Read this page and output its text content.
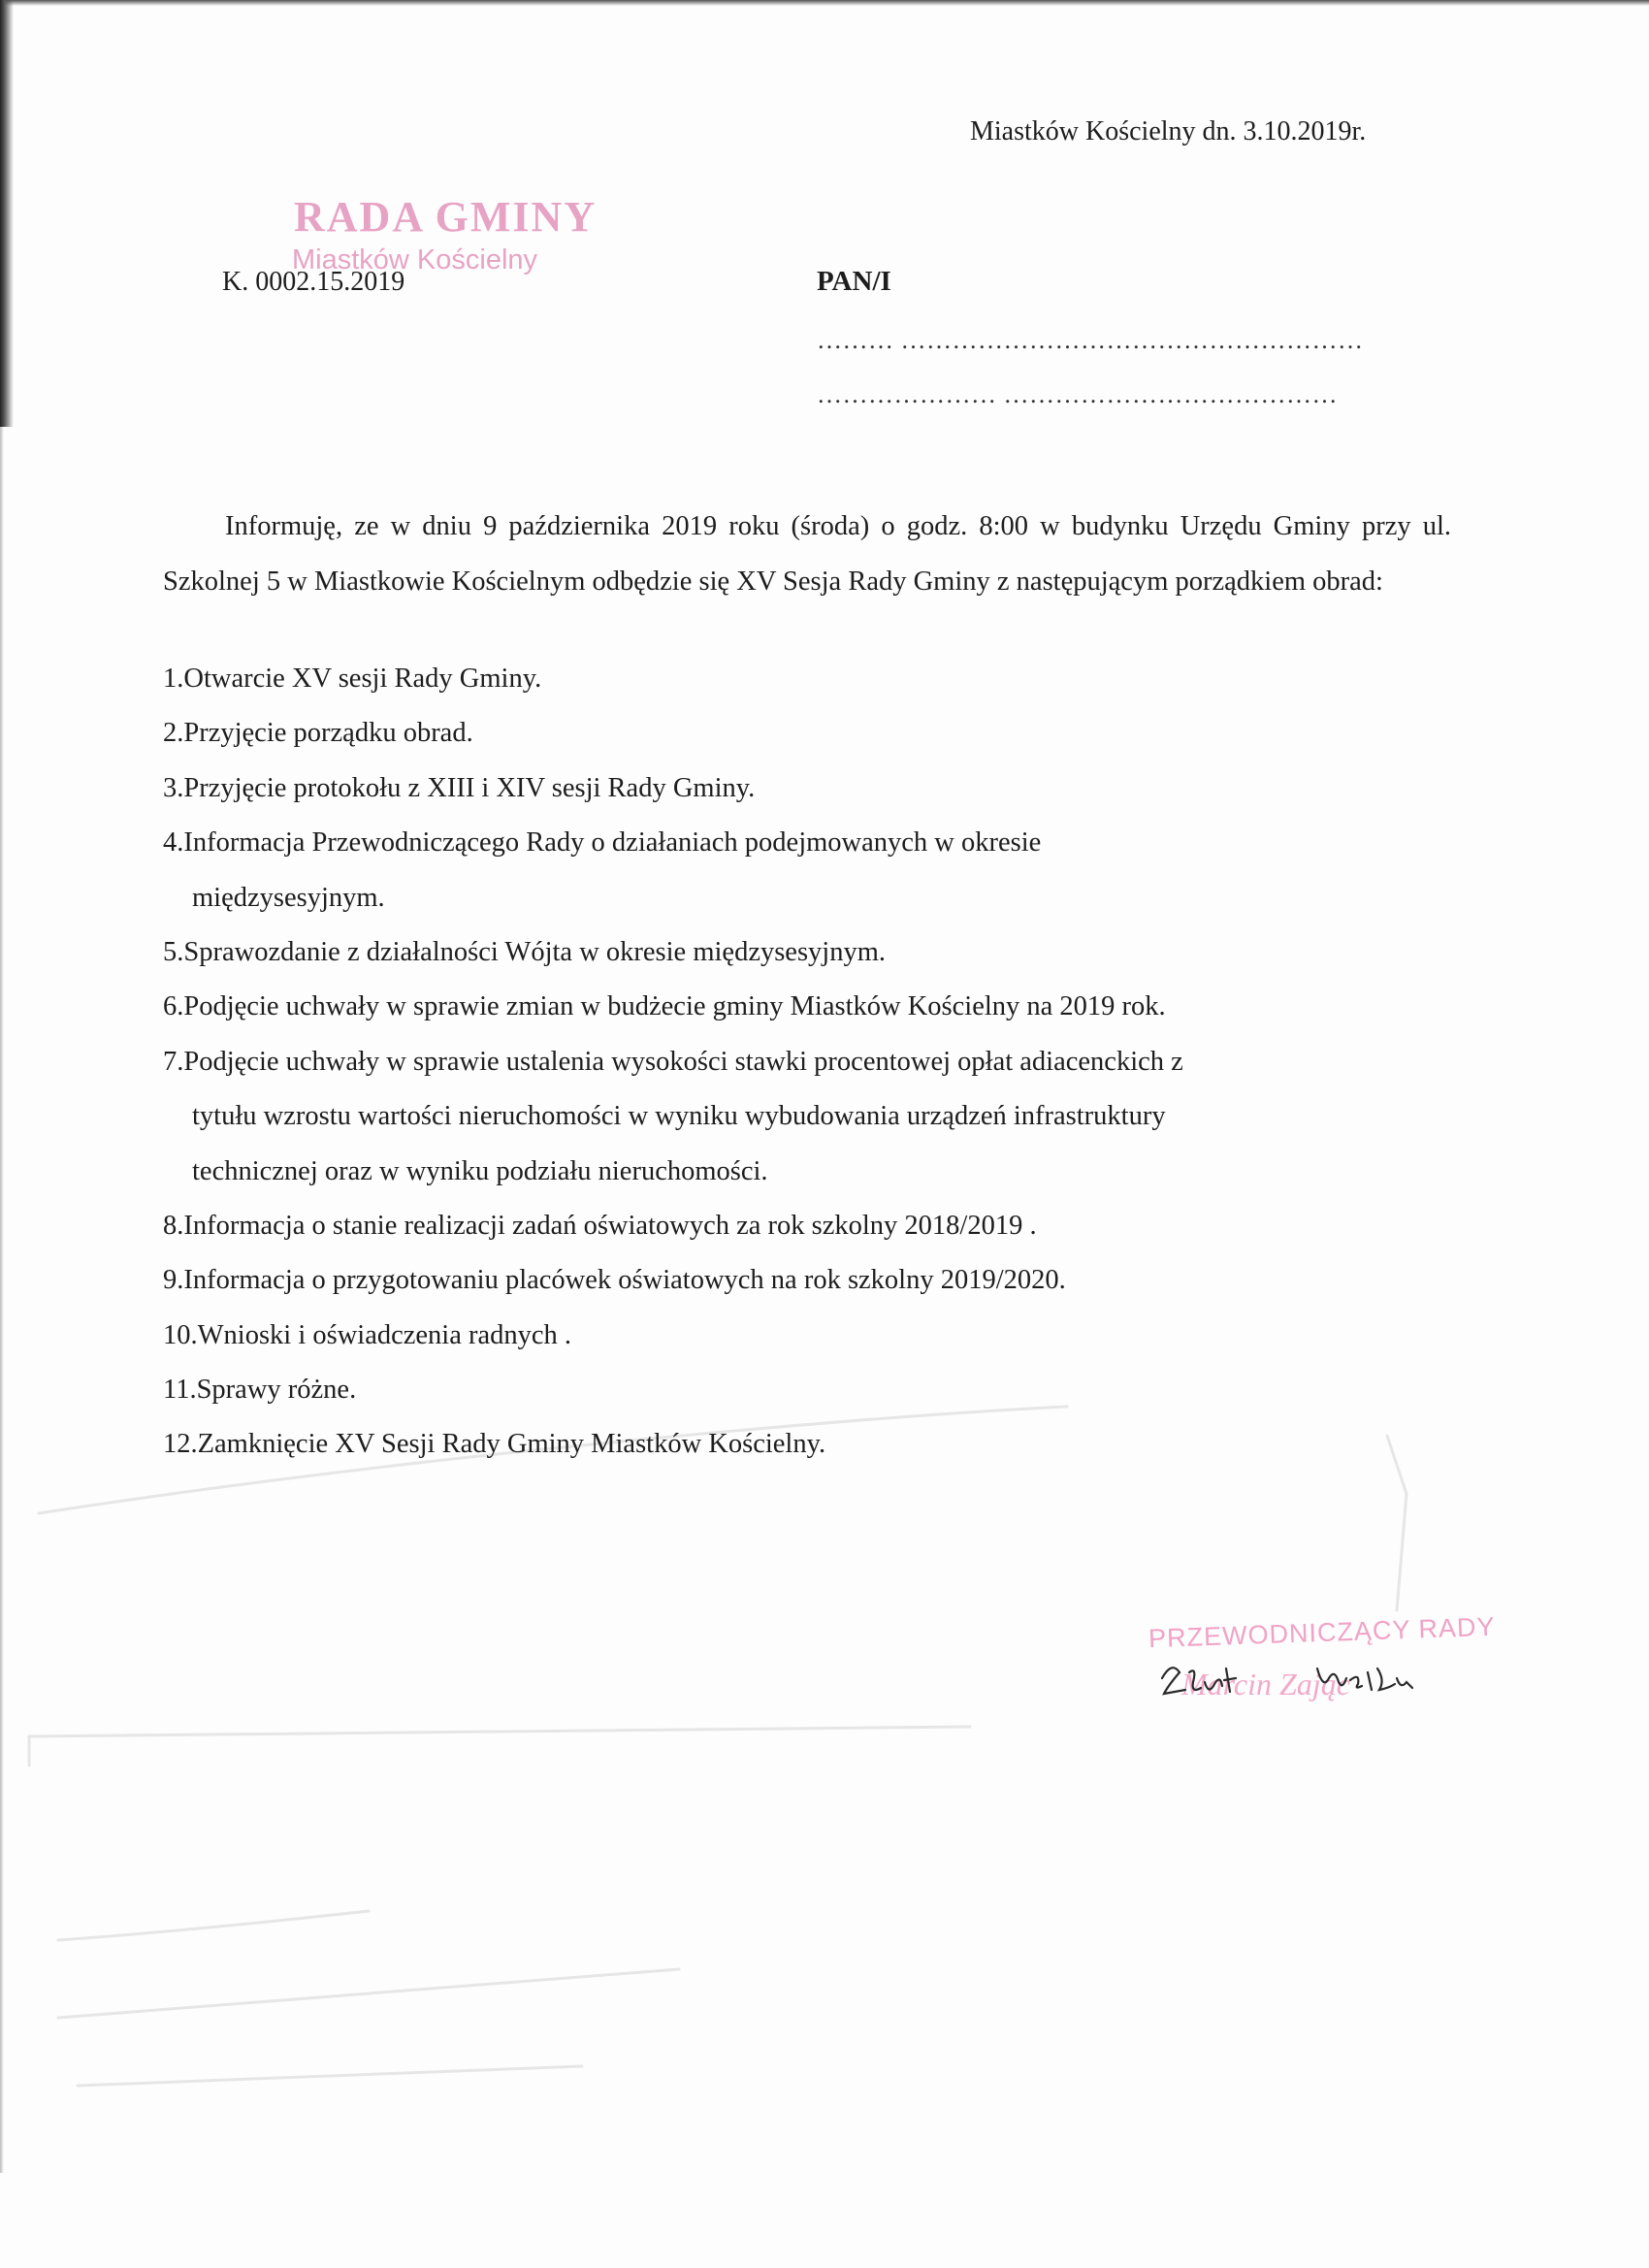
Miastków Kościelny dn. 3.10.2019r.
RADA GMINY
Miastków Kościelny
K. 0002.15.2019	PAN/I
……… ………………………………………………
………………… …………………………………

Informuję, ze w dniu 9 października 2019 roku (środa) o godz. 8:00 w budynku Urzędu Gminy przy ul. Szkolnej 5 w Miastkowie Kościelnym odbędzie się XV Sesja Rady Gminy z następującym porządkiem obrad:

1. Otwarcie XV sesji Rady Gminy.
2. Przyjęcie porządku obrad.
3. Przyjęcie protokołu z XIII i XIV sesji Rady Gminy.
4. Informacja Przewodniczącego Rady o działaniach podejmowanych w okresie
międzysesyjnym.
5. Sprawozdanie z działalności Wójta w okresie międzysesyjnym.
6. Podjęcie uchwały w sprawie zmian w budżecie gminy Miastków Kościelny na 2019 rok.
7. Podjęcie uchwały w sprawie ustalenia wysokości stawki procentowej opłat adiacenckich z
tytułu wzrostu wartości nieruchomości w wyniku wybudowania urządzeń infrastruktury
technicznej oraz w wyniku podziału nieruchomości.
8. Informacja o stanie realizacji zadań oświatowych za rok szkolny 2018/2019 .
9. Informacja o przygotowaniu placówek oświatowych na rok szkolny 2019/2020.
10. Wnioski i oświadczenia radnych .
11. Sprawy różne.
12. Zamknięcie XV Sesji Rady Gminy Miastków Kościelny.
PRZEWODNICZĄCY RADY
Marcin Zając
